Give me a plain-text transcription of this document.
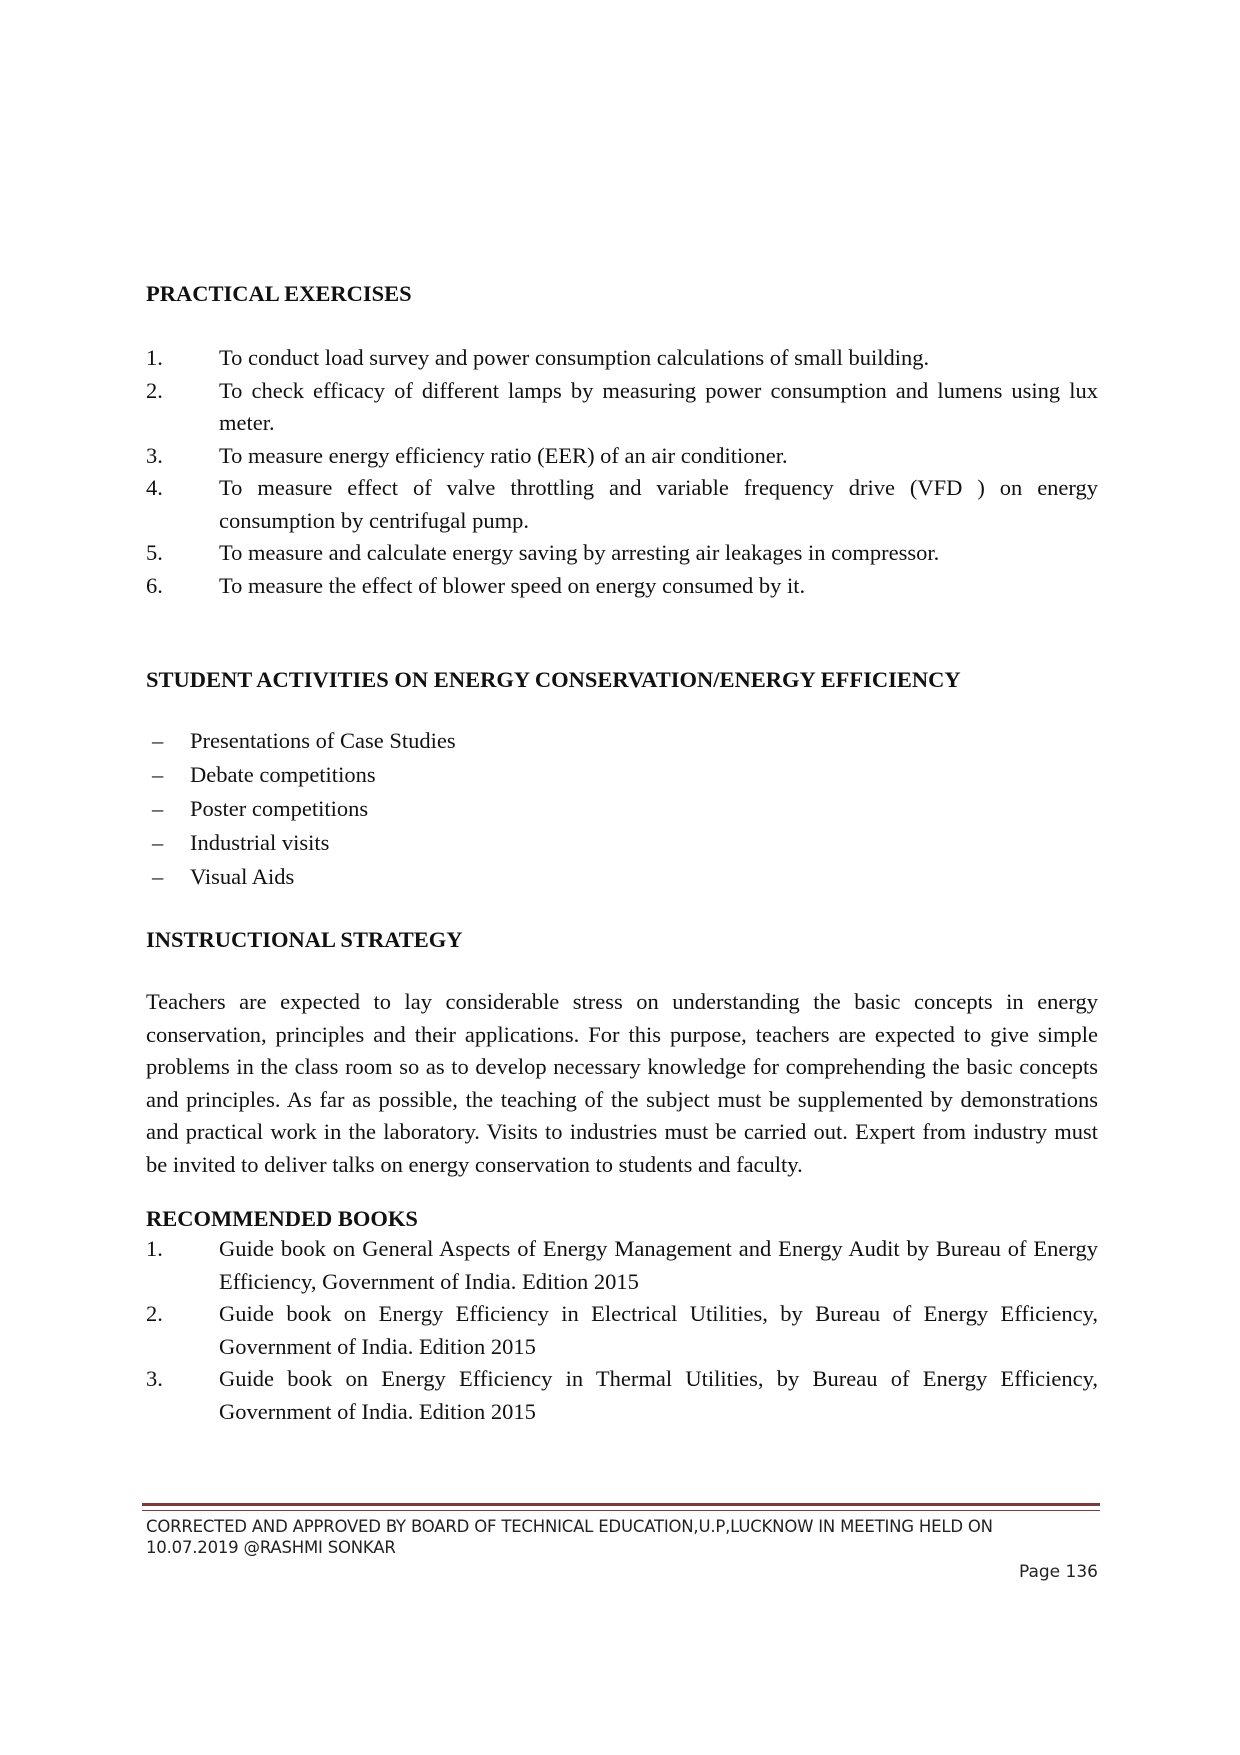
PRACTICAL EXERCISES
1.	To conduct load survey and power consumption calculations of small building.
2.	To check efficacy of different lamps by measuring power consumption and lumens using lux meter.
3.	To measure energy efficiency ratio (EER) of an air conditioner.
4.	To measure effect of valve throttling and variable frequency drive (VFD ) on energy consumption by centrifugal pump.
5.	To measure and calculate energy saving by arresting air leakages in compressor.
6.	To measure the effect of blower speed on energy consumed by it.
STUDENT ACTIVITIES ON ENERGY CONSERVATION/ENERGY EFFICIENCY
–	Presentations of Case Studies
–	Debate competitions
–	Poster competitions
–	Industrial visits
–	Visual Aids
INSTRUCTIONAL STRATEGY

Teachers are expected to lay considerable stress on understanding the basic concepts in energy conservation, principles and their applications. For this purpose, teachers are expected to give simple problems in the class room so as to develop necessary knowledge for comprehending the basic concepts and principles. As far as possible, the teaching of the subject must be supplemented by demonstrations and practical work in the laboratory. Visits to industries must be carried out. Expert from industry must be invited to deliver talks on energy conservation to students and faculty.

RECOMMENDED BOOKS
1.	Guide book on General Aspects of Energy Management and Energy Audit by Bureau of Energy Efficiency, Government of India. Edition 2015
2.	Guide book on Energy Efficiency in Electrical Utilities, by Bureau of Energy Efficiency, Government of India. Edition 2015
3.	Guide book on Energy Efficiency in Thermal Utilities, by Bureau of Energy Efficiency, Government of India. Edition 2015
CORRECTED AND APPROVED BY BOARD OF TECHNICAL EDUCATION,U.P,LUCKNOW IN MEETING HELD ON
10.07.2019 @RASHMI SONKAR
Page 136
